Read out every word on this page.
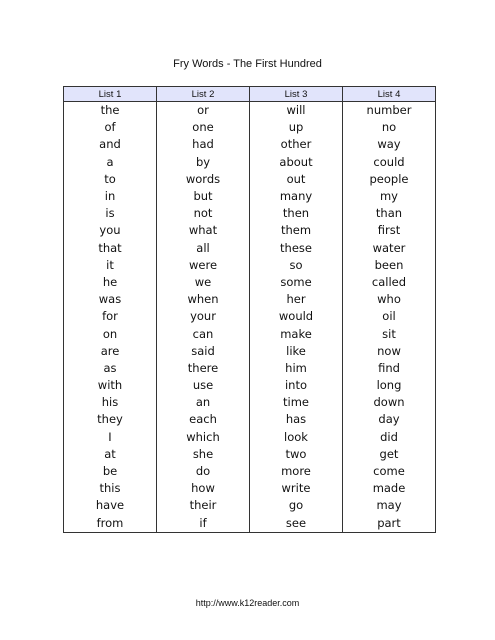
Fry Words - The First Hundred
List 1	List 2	List 3	List 4
the	or	will	number
of	one	up	no
and	had	other	way
a	by	about	could
to	words	out	people
in	but	many	my
is	not	then	than
you	what	them	first
that	all	these	water
it	were	so	been
he	we	some	called
was	when	her	who
for	your	would	oil
on	can	make	sit
are	said	like	now
as	there	him	find
with	use	into	long
his	an	time	down
they	each	has	day
I	which	look	did
at	she	two	get
be	do	more	come
this	how	write	made
have	their	go	may
from	if	see	part
http://www.k12reader.com
